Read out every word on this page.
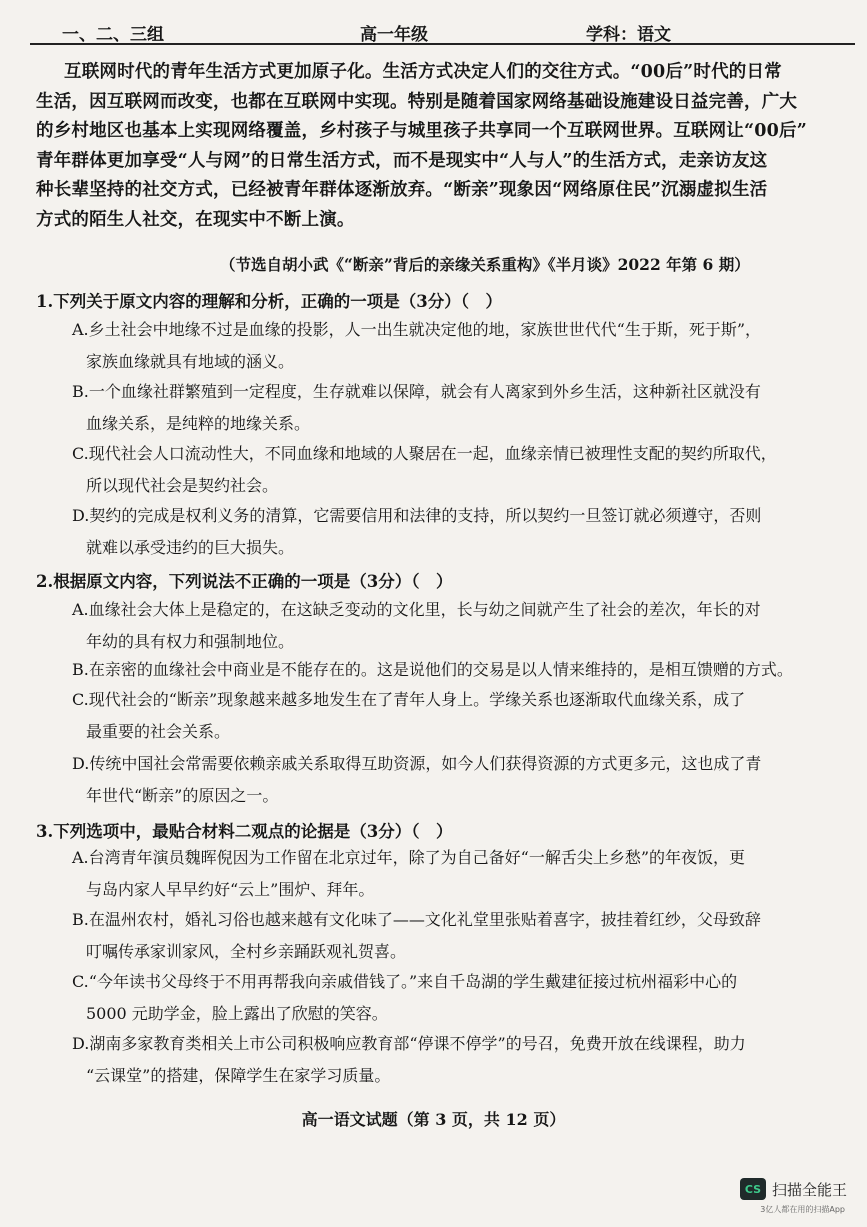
一、二、三组	高一年级	学科：语文

互联网时代的青年生活方式更加原子化。生活方式决定人们的交往方式。“00后”时代的日常
生活，因互联网而改变，也都在互联网中实现。特别是随着国家网络基础设施建设日益完善，广大
的乡村地区也基本上实现网络覆盖，乡村孩子与城里孩子共享同一个互联网世界。互联网让“00后”
青年群体更加享受“人与网”的日常生活方式，而不是现实中“人与人”的生活方式，走亲访友这
种长辈坚持的社交方式，已经被青年群体逐渐放弃。“断亲”现象因“网络原住民”沉溺虚拟生活
方式的陌生人社交，在现实中不断上演。

（节选自胡小武《“断亲”背后的亲缘关系重构》《半月谈》2022 年第 6 期）
1.下列关于原文内容的理解和分析，正确的一项是（3分）（　）
A.乡土社会中地缘不过是血缘的投影，人一出生就决定他的地，家族世世代代“生于斯，死于斯”，
家族血缘就具有地域的涵义。
B.一个血缘社群繁殖到一定程度，生存就难以保障，就会有人离家到外乡生活，这种新社区就没有
血缘关系，是纯粹的地缘关系。
C.现代社会人口流动性大，不同血缘和地域的人聚居在一起，血缘亲情已被理性支配的契约所取代，
所以现代社会是契约社会。
D.契约的完成是权利义务的清算，它需要信用和法律的支持，所以契约一旦签订就必须遵守，否则
就难以承受违约的巨大损失。
2.根据原文内容，下列说法不正确的一项是（3分）（　）
A.血缘社会大体上是稳定的，在这缺乏变动的文化里，长与幼之间就产生了社会的差次，年长的对
年幼的具有权力和强制地位。
B.在亲密的血缘社会中商业是不能存在的。这是说他们的交易是以人情来维持的，是相互馈赠的方式。
C.现代社会的“断亲”现象越来越多地发生在了青年人身上。学缘关系也逐渐取代血缘关系，成了
最重要的社会关系。
D.传统中国社会常需要依赖亲戚关系取得互助资源，如今人们获得资源的方式更多元，这也成了青
年世代“断亲”的原因之一。
3.下列选项中，最贴合材料二观点的论据是（3分）（　）
A.台湾青年演员魏晖倪因为工作留在北京过年，除了为自己备好“一解舌尖上乡愁”的年夜饭，更
与岛内家人早早约好“云上”围炉、拜年。
B.在温州农村，婚礼习俗也越来越有文化味了——文化礼堂里张贴着喜字，披挂着红纱，父母致辞
叮嘱传承家训家风，全村乡亲踊跃观礼贺喜。
C.“今年读书父母终于不用再帮我向亲戚借钱了。”来自千岛湖的学生戴建征接过杭州福彩中心的
5000 元助学金，脸上露出了欣慰的笑容。
D.湖南多家教育类相关上市公司积极响应教育部“停课不停学”的号召，免费开放在线课程，助力
“云课堂”的搭建，保障学生在家学习质量。
高一语文试题（第 3 页，共 12 页）
CS 扫描全能王
3亿人都在用的扫描App
